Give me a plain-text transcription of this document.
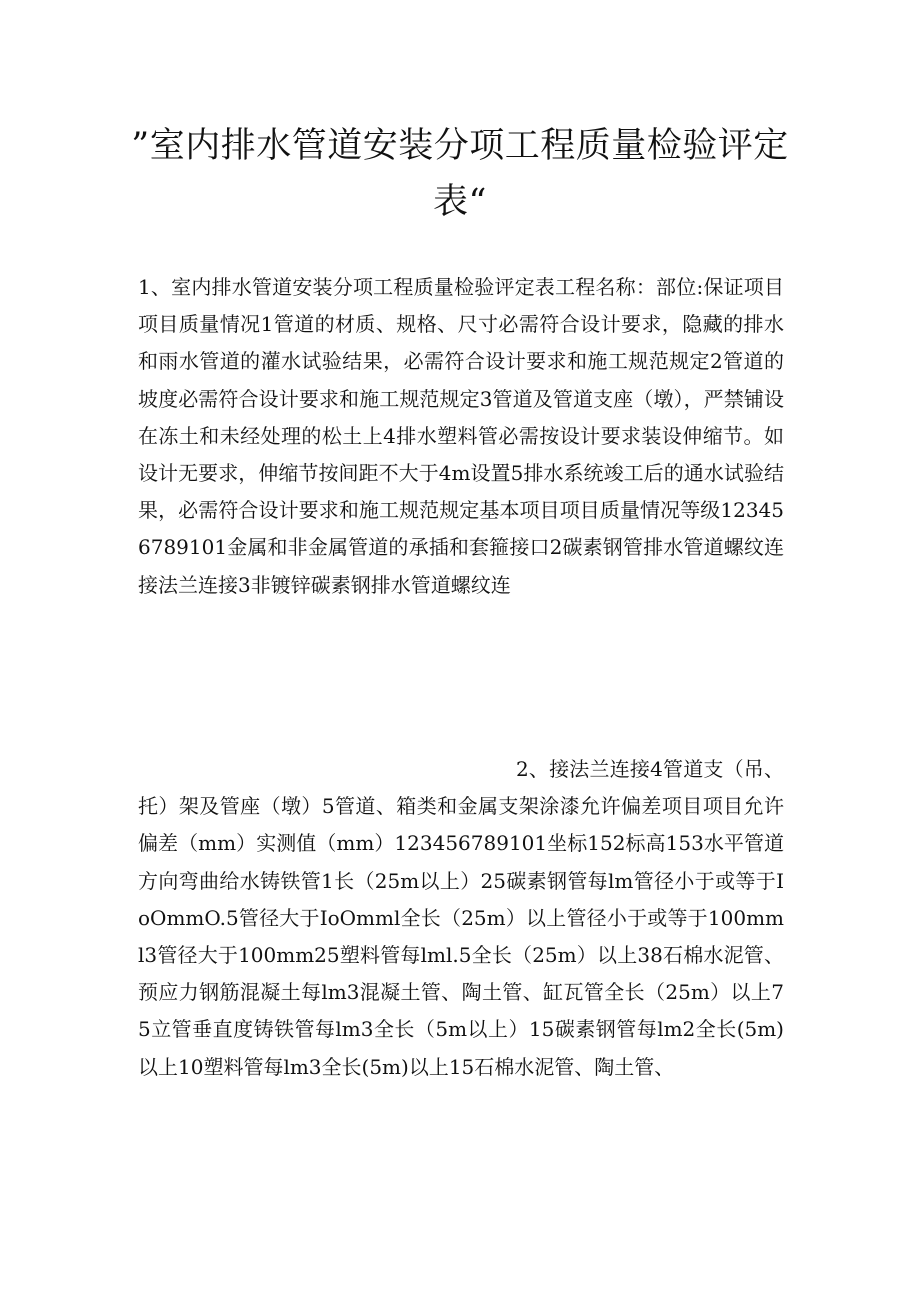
”室内排水管道安装分项工程质量检验评定表“

1、室内排水管道安装分项工程质量检验评定表工程名称：部位:保证项目项目质量情况1管道的材质、规格、尺寸必需符合设计要求，隐藏的排水和雨水管道的灌水试验结果，必需符合设计要求和施工规范规定2管道的坡度必需符合设计要求和施工规范规定3管道及管道支座（墩），严禁铺设在冻土和未经处理的松土上4排水塑料管必需按设计要求装设伸缩节。如设计无要求，伸缩节按间距不大于4m设置5排水系统竣工后的通水试验结果，必需符合设计要求和施工规范规定基本项目项目质量情况等级123456789101金属和非金属管道的承插和套箍接口2碳素钢管排水管道螺纹连接法兰连接3非镀锌碳素钢排水管道螺纹连

2、接法兰连接4管道支（吊、托）架及管座（墩）5管道、箱类和金属支架涂漆允许偏差项目项目允许偏差（mm）实测值（mm）123456789101坐标152标高153水平管道方向弯曲给水铸铁管1长（25m以上）25碳素钢管每lm管径小于或等于IoOmmO.5管径大于IoOmml全长（25m）以上管径小于或等于100mml3管径大于100mm25塑料管每lml.5全长（25m）以上38石棉水泥管、预应力钢筋混凝土每lm3混凝土管、陶土管、缸瓦管全长（25m）以上75立管垂直度铸铁管每lm3全长（5m以上）15碳素钢管每lm2全长(5m)以上10塑料管每lm3全长(5m)以上15石棉水泥管、陶土管、
